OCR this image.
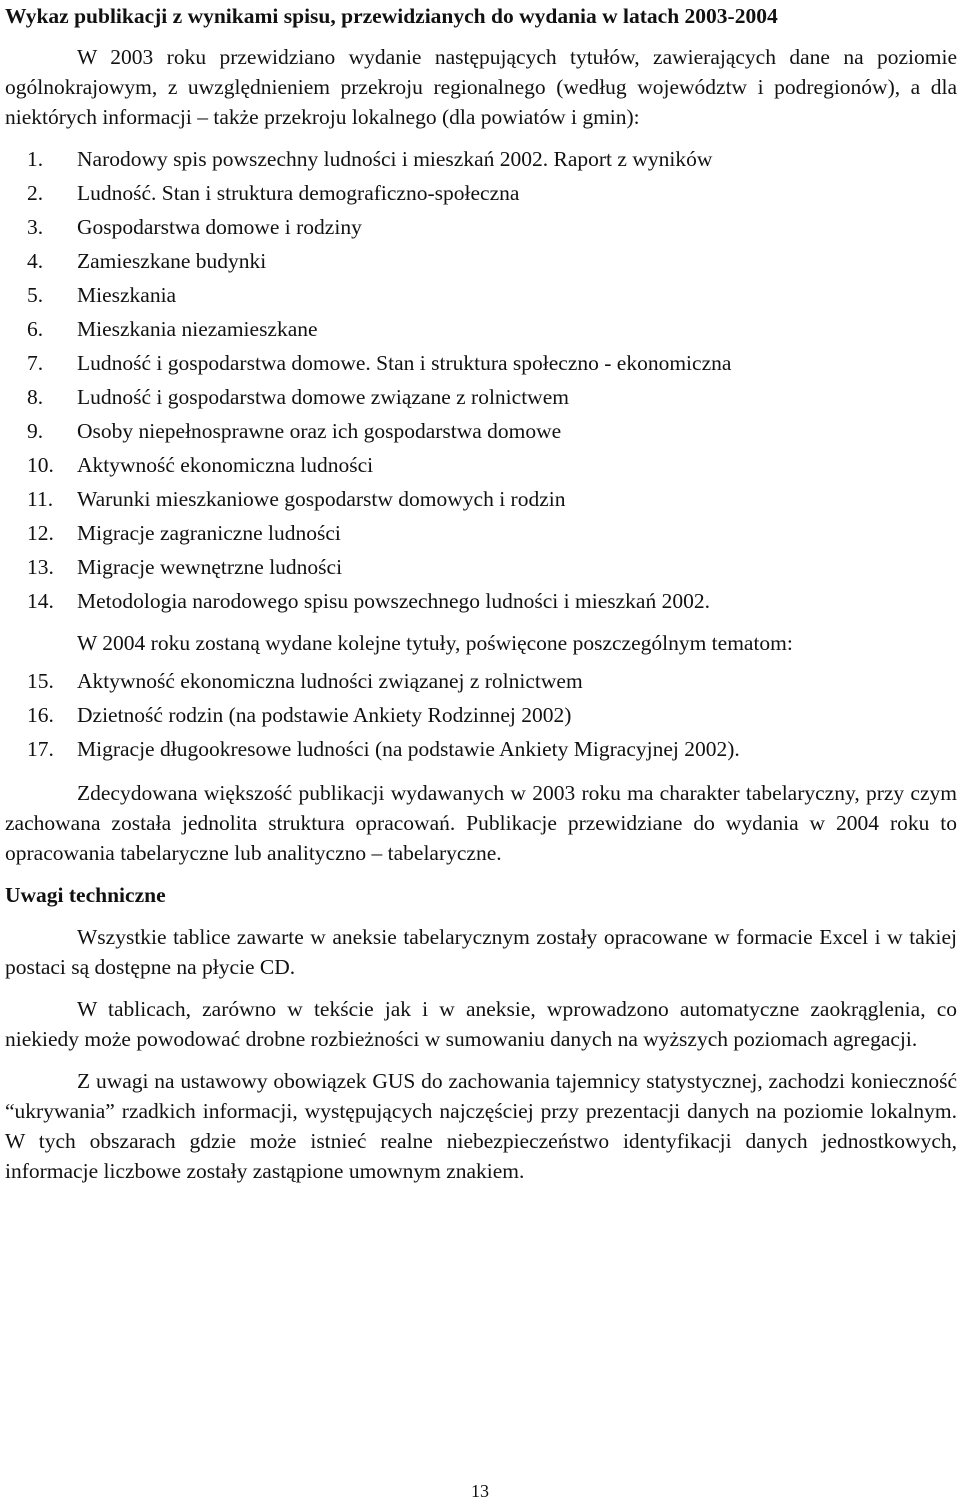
Wykaz publikacji z wynikami spisu, przewidzianych do wydania w latach 2003-2004

W 2003 roku przewidziano wydanie następujących tytułów, zawierających dane na poziomie ogólnokrajowym, z uwzględnieniem przekroju regionalnego (według województw i podregionów), a dla niektórych informacji – także przekroju lokalnego (dla powiatów i gmin):

1.	Narodowy spis powszechny ludności i mieszkań 2002. Raport z wyników
2.	Ludność. Stan i struktura demograficzno-społeczna
3.	Gospodarstwa domowe i rodziny
4.	Zamieszkane budynki
5.	Mieszkania
6.	Mieszkania niezamieszkane
7.	Ludność i gospodarstwa domowe. Stan i struktura społeczno - ekonomiczna
8.	Ludność i gospodarstwa domowe związane z rolnictwem
9.	Osoby niepełnosprawne oraz ich gospodarstwa domowe
10.	Aktywność ekonomiczna ludności
11.	Warunki mieszkaniowe gospodarstw domowych i rodzin
12.	Migracje zagraniczne ludności
13.	Migracje wewnętrzne ludności
14.	Metodologia narodowego spisu powszechnego ludności i mieszkań 2002.

W 2004 roku zostaną wydane kolejne tytuły, poświęcone poszczególnym tematom:

15.	Aktywność ekonomiczna ludności związanej z rolnictwem
16.	Dzietność rodzin (na podstawie Ankiety Rodzinnej 2002)
17.	Migracje długookresowe ludności (na podstawie Ankiety Migracyjnej 2002).

Zdecydowana większość publikacji wydawanych w 2003 roku ma charakter tabelaryczny, przy czym zachowana została jednolita struktura opracowań. Publikacje przewidziane do wydania w 2004 roku to opracowania tabelaryczne lub analityczno – tabelaryczne.

Uwagi techniczne

Wszystkie tablice zawarte w aneksie tabelarycznym zostały opracowane w formacie Excel i w takiej postaci są dostępne na płycie CD.

W tablicach, zarówno w tekście jak i w aneksie, wprowadzono automatyczne zaokrąglenia, co niekiedy może powodować drobne rozbieżności w sumowaniu danych na wyższych poziomach agregacji.

Z uwagi na ustawowy obowiązek GUS do zachowania tajemnicy statystycznej, zachodzi konieczność “ukrywania” rzadkich informacji, występujących najczęściej przy prezentacji danych na poziomie lokalnym. W tych obszarach gdzie może istnieć realne niebezpieczeństwo identyfikacji danych jednostkowych, informacje liczbowe zostały zastąpione umownym znakiem.

13
